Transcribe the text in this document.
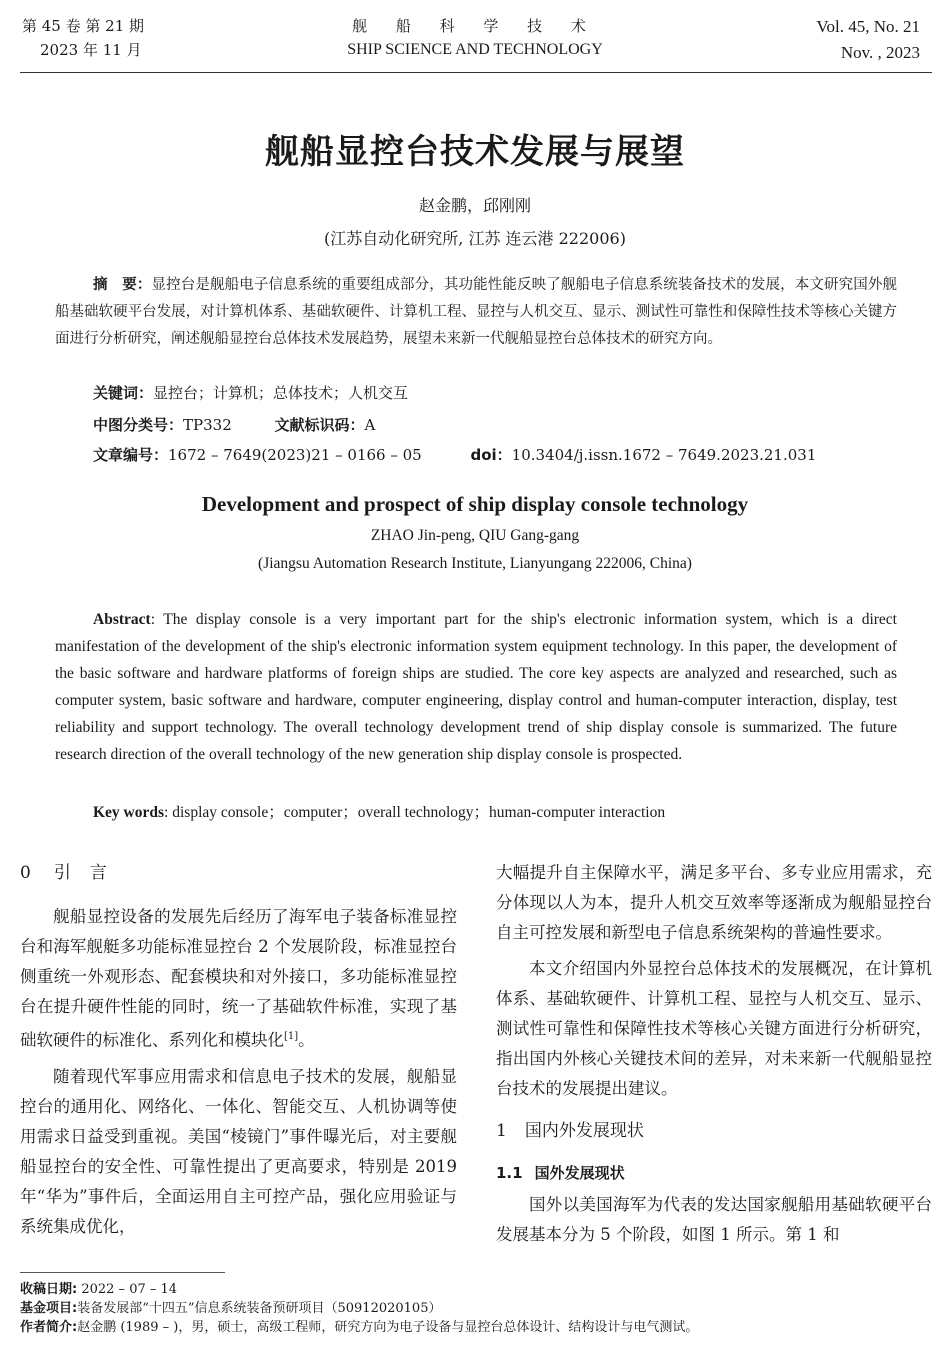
第 45 卷 第 21 期
2023 年 11 月
舰 船 科 学 技 术
SHIP SCIENCE AND TECHNOLOGY
Vol. 45, No. 21
Nov. , 2023
舰船显控台技术发展与展望
赵金鹏，邱刚刚
(江苏自动化研究所, 江苏 连云港 222006)
摘　要：显控台是舰船电子信息系统的重要组成部分，其功能性能反映了舰船电子信息系统装备技术的发展，本文研究国外舰船基础软硬平台发展，对计算机体系、基础软硬件、计算机工程、显控与人机交互、显示、测试性可靠性和保障性技术等核心关键方面进行分析研究，阐述舰船显控台总体技术发展趋势，展望未来新一代舰船显控台总体技术的研究方向。
关键词：显控台；计算机；总体技术；人机交互
中图分类号：TP332	文献标识码：A
文章编号：1672 – 7649(2023)21 – 0166 – 05	doi：10.3404/j.issn.1672 – 7649.2023.21.031
Development and prospect of ship display console technology
ZHAO Jin-peng, QIU Gang-gang
(Jiangsu Automation Research Institute, Lianyungang 222006, China)
Abstract: The display console is a very important part for the ship's electronic information system, which is a direct manifestation of the development of the ship's electronic information system equipment technology. In this paper, the development of the basic software and hardware platforms of foreign ships are studied. The core key aspects are analyzed and researched, such as computer system, basic software and hardware, computer engineering, display control and human-computer interaction, display, test reliability and support technology. The overall technology development trend of ship display console is summarized. The future research direction of the overall technology of the new generation ship display console is prospected.
Key words: display console；computer；overall technology；human-computer interaction

0 引　言

舰船显控设备的发展先后经历了海军电子装备标准显控台和海军舰艇多功能标准显控台 2 个发展阶段，标准显控台侧重统一外观形态、配套模块和对外接口，多功能标准显控台在提升硬件性能的同时，统一了基础软件标准，实现了基础软硬件的标准化、系列化和模块化[1]。

随着现代军事应用需求和信息电子技术的发展，舰船显控台的通用化、网络化、一体化、智能交互、人机协调等使用需求日益受到重视。美国“棱镜门”事件曝光后，对主要舰船显控台的安全性、可靠性提出了更高要求，特别是 2019 年“华为”事件后，全面运用自主可控产品，强化应用验证与系统集成优化，

大幅提升自主保障水平，满足多平台、多专业应用需求，充分体现以人为本，提升人机交互效率等逐渐成为舰船显控台自主可控发展和新型电子信息系统架构的普遍性要求。

本文介绍国内外显控台总体技术的发展概况，在计算机体系、基础软硬件、计算机工程、显控与人机交互、显示、测试性可靠性和保障性技术等核心关键方面进行分析研究，指出国内外核心关键技术间的差异，对未来新一代舰船显控台技术的发展提出建议。

1 国内外发展现状

1.1 国外发展现状

国外以美国海军为代表的发达国家舰船用基础软硬平台发展基本分为 5 个阶段，如图 1 所示。第 1 和

收稿日期: 2022 – 07 – 14
基金项目:装备发展部“十四五”信息系统装备预研项目（50912020105）
作者简介:赵金鹏 (1989 – )，男，硕士，高级工程师，研究方向为电子设备与显控台总体设计、结构设计与电气测试。
